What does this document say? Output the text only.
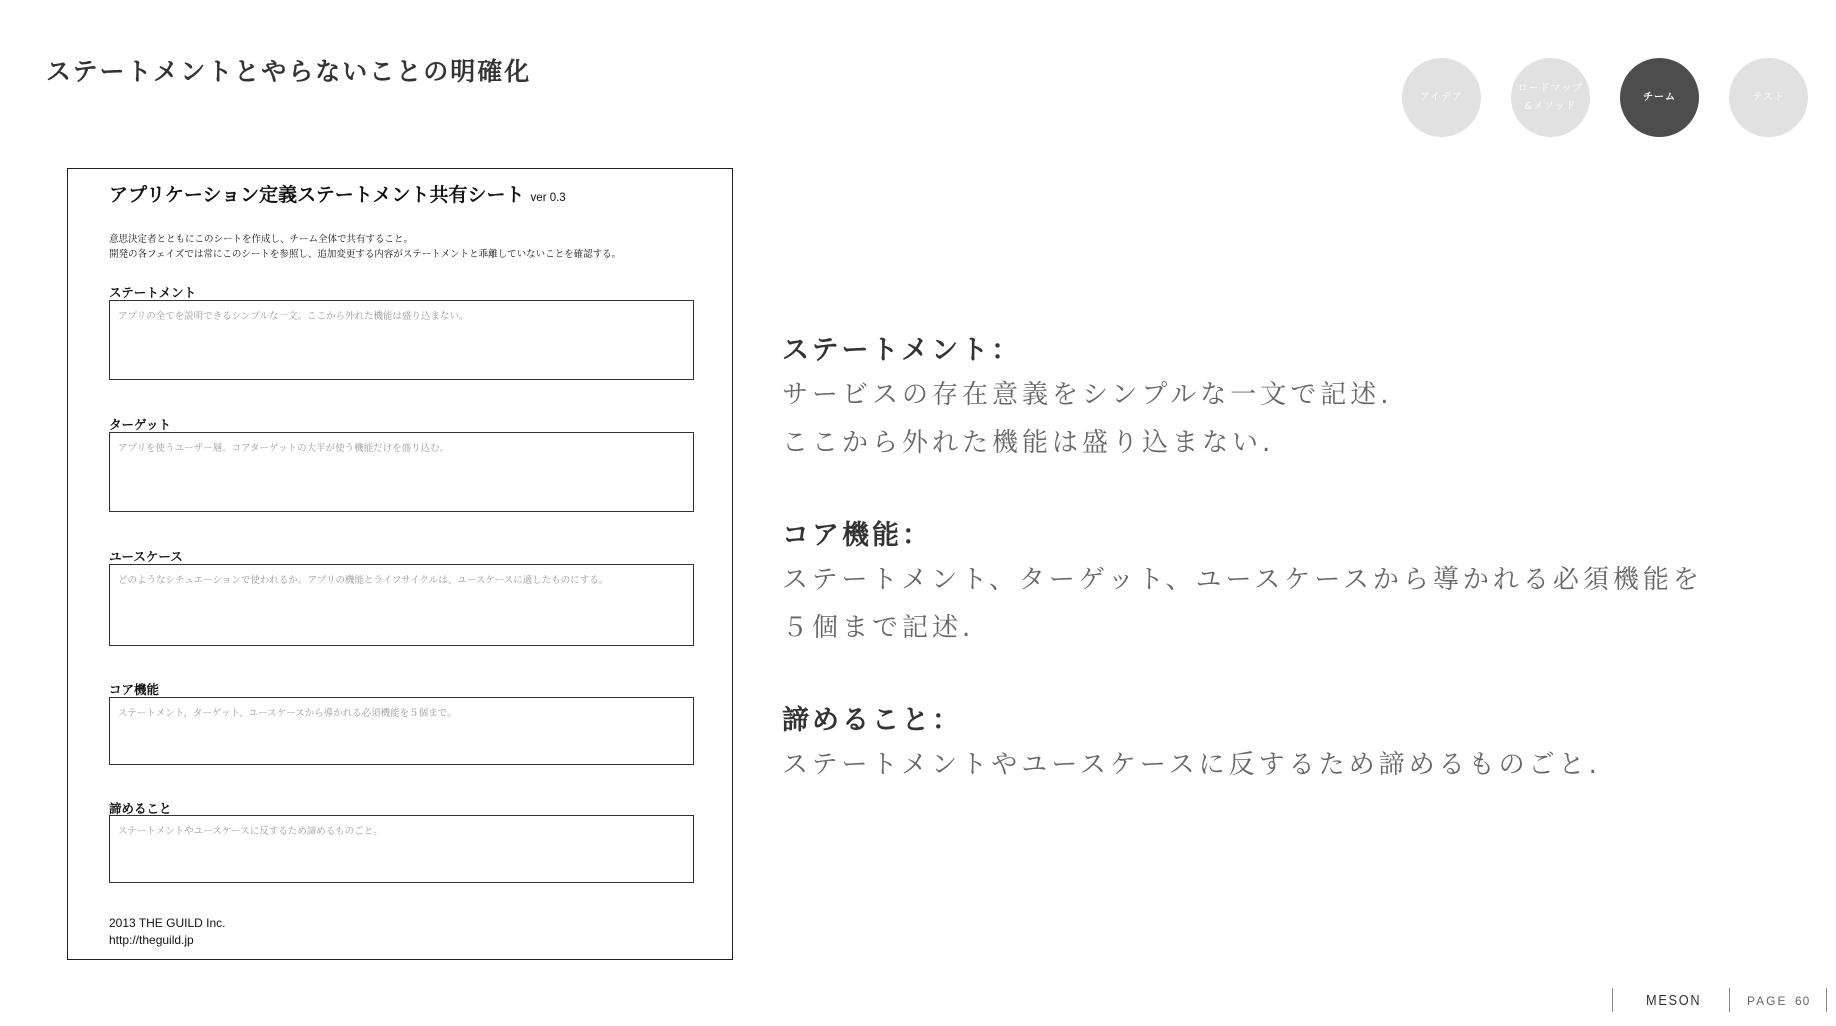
ステートメントとやらないことの明確化
アイデア
ロードマップ
&メソッド
チーム	テスト
アプリケーション定義ステートメント共有シート ver 0.3
意思決定者とともにこのシートを作成し、チーム全体で共有すること。
開発の各フェイズでは常にこのシートを参照し、追加変更する内容がステートメントと乖離していないことを確認する。
ステートメント
アプリの全てを説明できるシンプルな一文。ここから外れた機能は盛り込まない。
ターゲット
アプリを使うユーザー層。コアターゲットの大半が使う機能だけを盛り込む。
ユースケース
どのようなシチュエーションで使われるか。アプリの機能とライフサイクルは、ユースケースに適したものにする。
コア機能
ステートメント、ターゲット、ユースケースから導かれる必須機能を５個まで。
諦めること
ステートメントやユースケースに反するため諦めるものごと。
2013 THE GUILD Inc.
http://theguild.jp
ステートメント：
サービスの存在意義をシンプルな一文で記述.
ここから外れた機能は盛り込まない.
コア機能：
ステートメント、ターゲット、ユースケースから導かれる必須機能を
５個まで記述.
諦めること：
ステートメントやユースケースに反するため諦めるものごと.
MESON	PAGE 60
